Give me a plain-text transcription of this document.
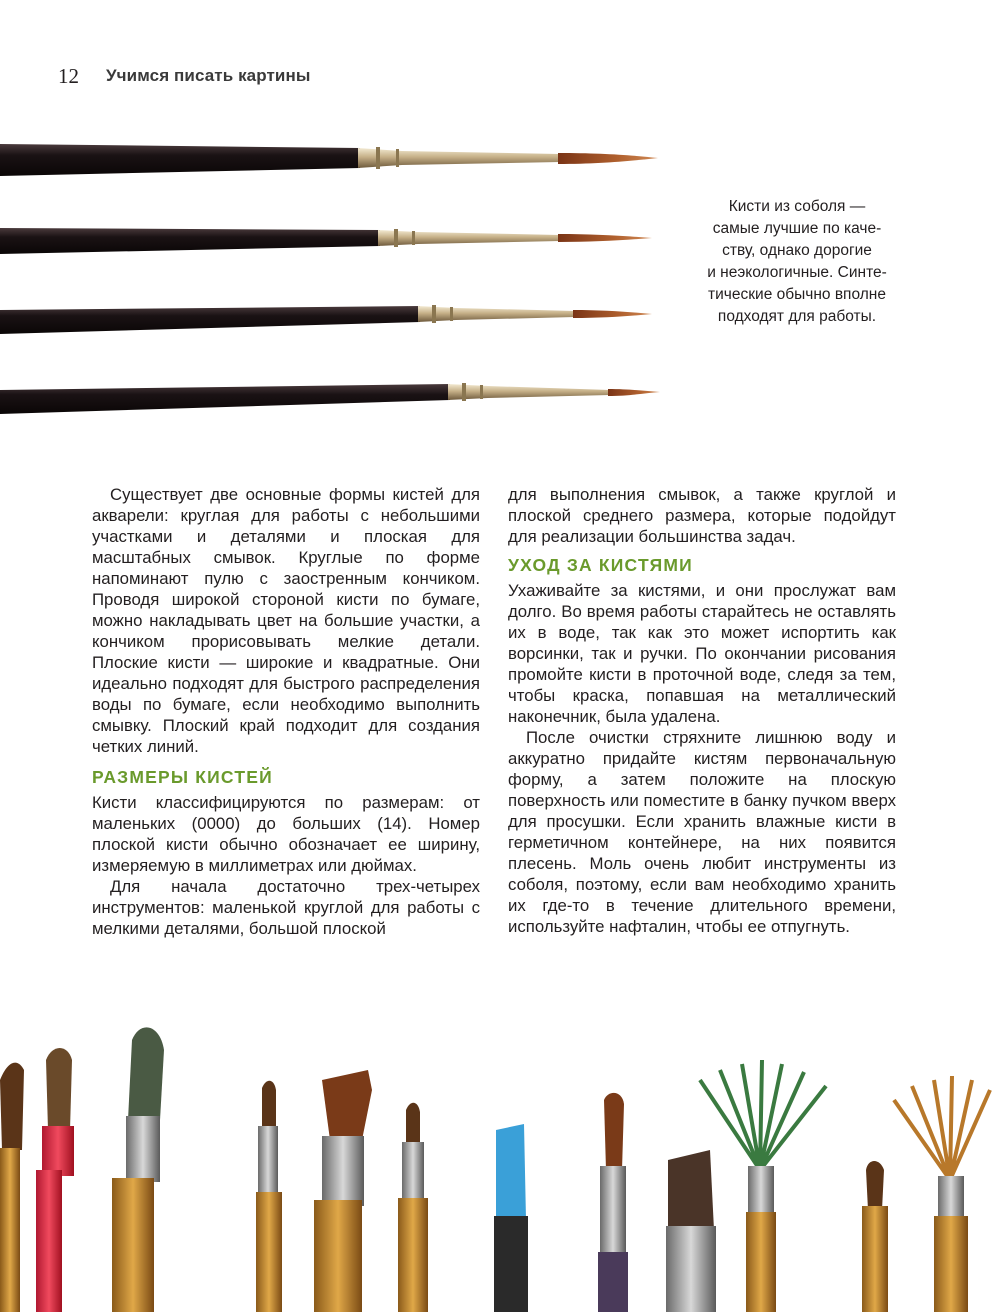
12 Учимся писать картины
Кисти из соболя —
самые лучшие по каче-
ству, однако дорогие
и неэкологичные. Синте-
тические обычно вполне
подходят для работы.

Существует две основные формы кистей для акварели: круглая для работы с небольшими участками и деталями и плоская для масштабных смывок. Круглые по форме напоминают пулю с заостренным кончиком. Проводя широкой стороной кисти по бумаге, можно накладывать цвет на большие участки, а кончиком прорисовывать мелкие детали. Плоские кисти — широкие и квадратные. Они идеально подходят для быстрого распределения воды по бумаге, если необходимо выполнить смывку. Плоский край подходит для создания четких линий.

РАЗМЕРЫ КИСТЕЙ

Кисти классифицируются по размерам: от маленьких (0000) до больших (14). Номер плоской кисти обычно обозначает ее ширину, измеряемую в миллиметрах или дюймах.

Для начала достаточно трех-четырех инструментов: маленькой круглой для работы с мелкими деталями, большой плоской

для выполнения смывок, а также круглой и плоской среднего размера, которые подойдут для реализации большинства задач.

УХОД ЗА КИСТЯМИ

Ухаживайте за кистями, и они прослужат вам долго. Во время работы старайтесь не оставлять их в воде, так как это может испортить как ворсинки, так и ручки. По окончании рисования промойте кисти в проточной воде, следя за тем, чтобы краска, попавшая на металлический наконечник, была удалена.

После очистки стряхните лишнюю воду и аккуратно придайте кистям первоначальную форму, а затем положите на плоскую поверхность или поместите в банку пучком вверх для просушки. Если хранить влажные кисти в герметичном контейнере, на них появится плесень. Моль очень любит инструменты из соболя, поэтому, если вам необходимо хранить их где-то в течение длительного времени, используйте нафталин, чтобы ее отпугнуть.
